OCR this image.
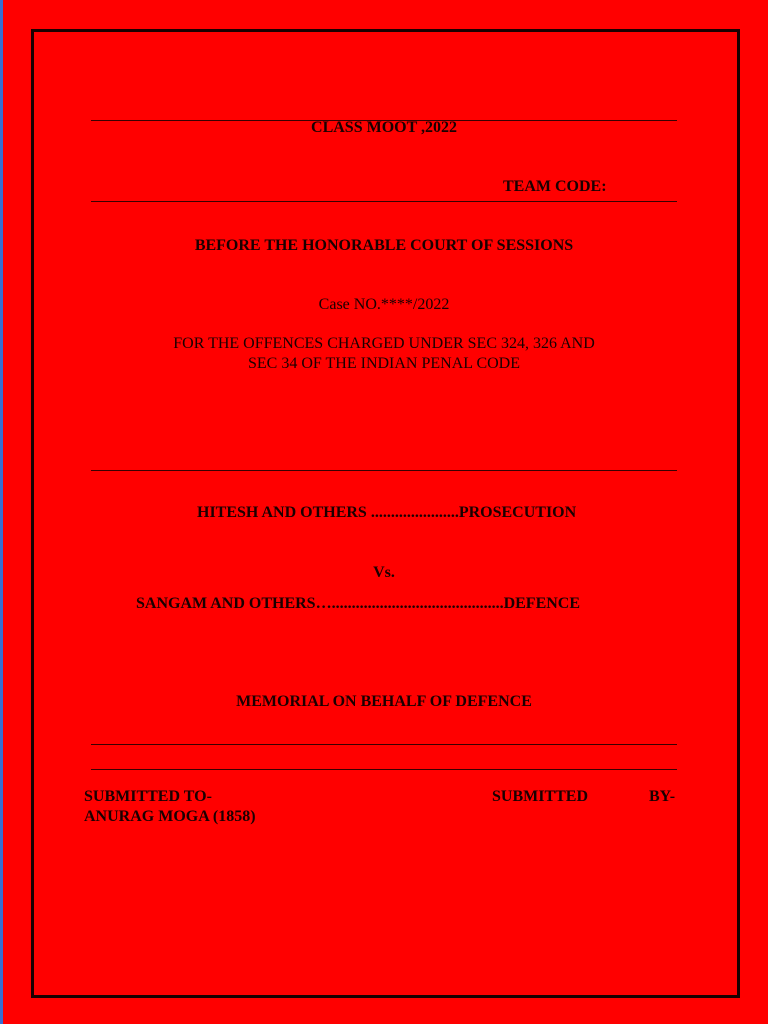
CLASS MOOT ,2022
TEAM CODE:
BEFORE THE HONORABLE COURT OF SESSIONS
Case NO.****/2022
FOR THE OFFENCES CHARGED UNDER SEC 324, 326 AND
SEC 34 OF THE INDIAN PENAL CODE
HITESH AND OTHERS ......................PROSECUTION
Vs.
SANGAM AND OTHERS…...........................................DEFENCE
MEMORIAL ON BEHALF OF DEFENCE
SUBMITTED TO-	SUBMITTED	BY-
ANURAG MOGA (1858)
